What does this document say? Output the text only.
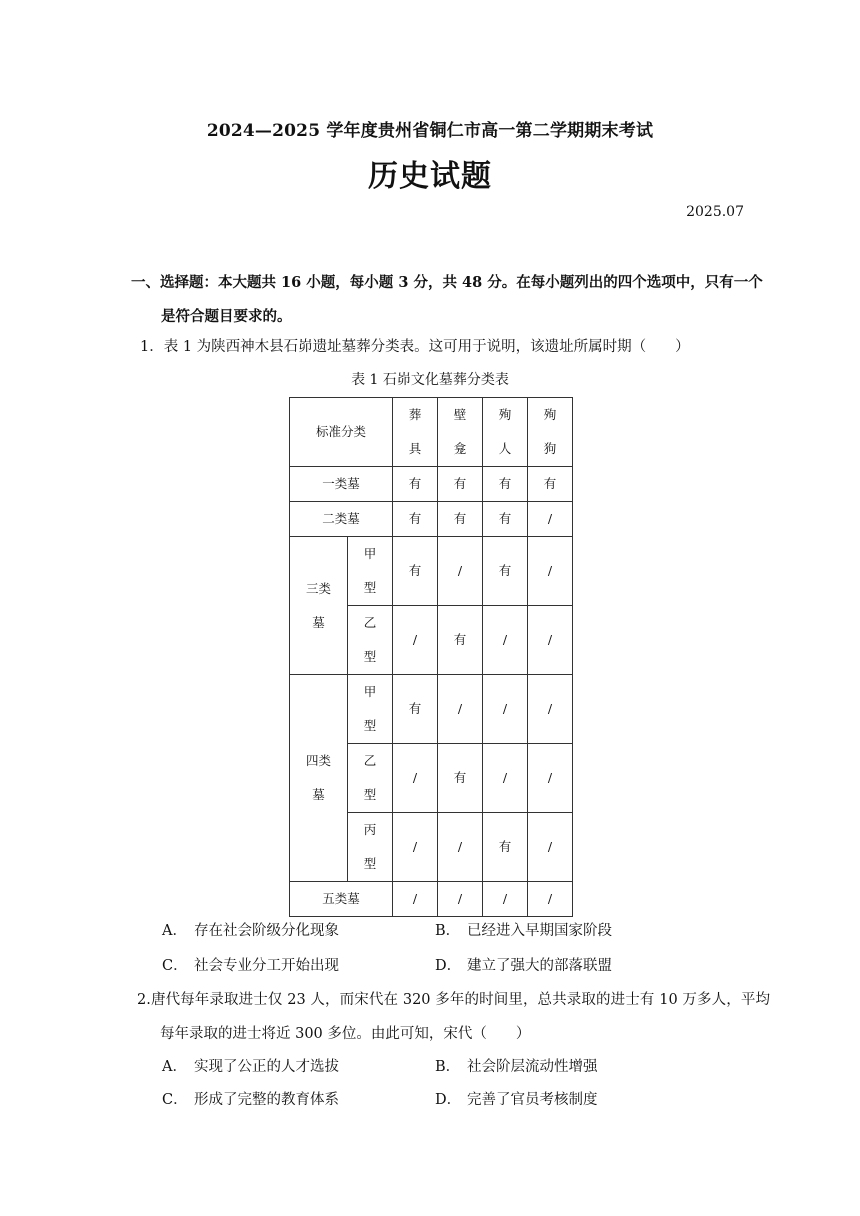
2024—2025 学年度贵州省铜仁市高一第二学期期末考试
历史试题
2025.07
一、选择题：本大题共 16 小题，每小题 3 分，共 48 分。在每小题列出的四个选项中，只有一个是符合题目要求的。
1．表 1 为陕西神木县石峁遗址墓葬分类表。这可用于说明，该遗址所属时期（　　）
表 1 石峁文化墓葬分类表
标准分类		葬具	壁龛	殉人	殉狗

一类墓		有	有	有	有
二类墓		有	有	有	/

三类墓	甲型	有	/	有	/

	乙型	/	有	/	/

四类墓	甲型	有	/	/	/

	乙型	/	有	/	/

	丙型	/	/	有	/
五类墓		/	/	/	/
A． 存在社会阶级分化现象	B． 已经进入早期国家阶段
C． 社会专业分工开始出现	D． 建立了强大的部落联盟
2.唐代每年录取进士仅 23 人，而宋代在 320 多年的时间里，总共录取的进士有 10 万多人，平均每年录取的进士将近 300 多位。由此可知，宋代（　　）
A． 实现了公正的人才选拔	B． 社会阶层流动性增强
C． 形成了完整的教育体系	D． 完善了官员考核制度
